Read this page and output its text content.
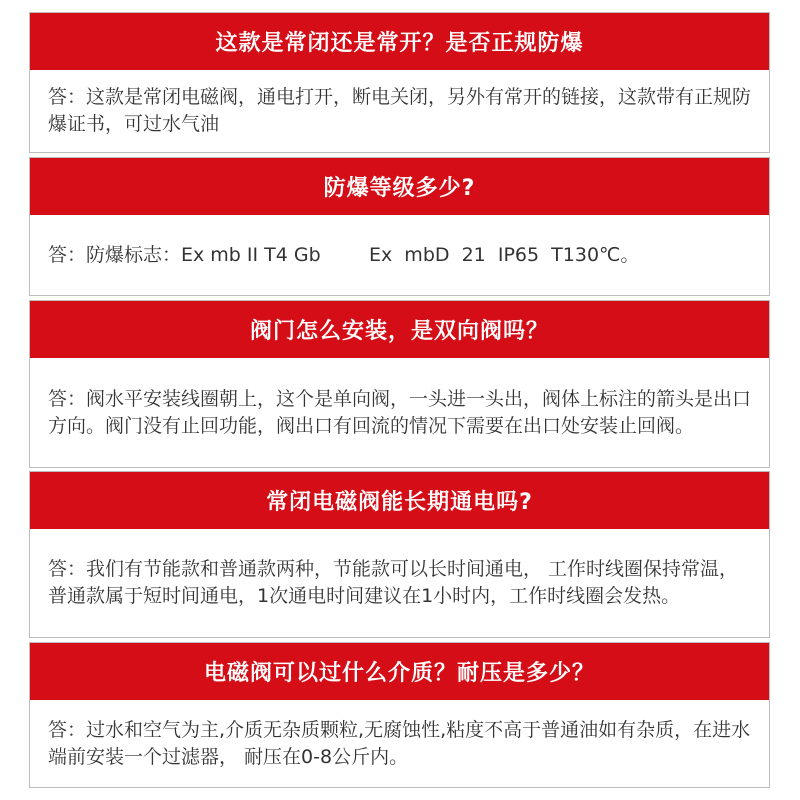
这款是常闭还是常开？是否正规防爆
答：这款是常闭电磁阀，通电打开，断电关闭，另外有常开的链接，这款带有正规防爆证书，可过水气油
防爆等级多少?
答：防爆标志：Ex mb II T4 Gb        Ex  mbD  21  IP65  T130℃。
阀门怎么安装，是双向阀吗？
答：阀水平安装线圈朝上，这个是单向阀，一头进一头出，阀体上标注的箭头是出口方向。阀门没有止回功能，阀出口有回流的情况下需要在出口处安装止回阀。
常闭电磁阀能长期通电吗?
答：我们有节能款和普通款两种，节能款可以长时间通电， 工作时线圈保持常温，普通款属于短时间通电，1次通电时间建议在1小时内，工作时线圈会发热。
电磁阀可以过什么介质？耐压是多少？
答：过水和空气为主,介质无杂质颗粒,无腐蚀性,粘度不高于普通油如有杂质，在进水端前安装一个过滤器， 耐压在0-8公斤内。
